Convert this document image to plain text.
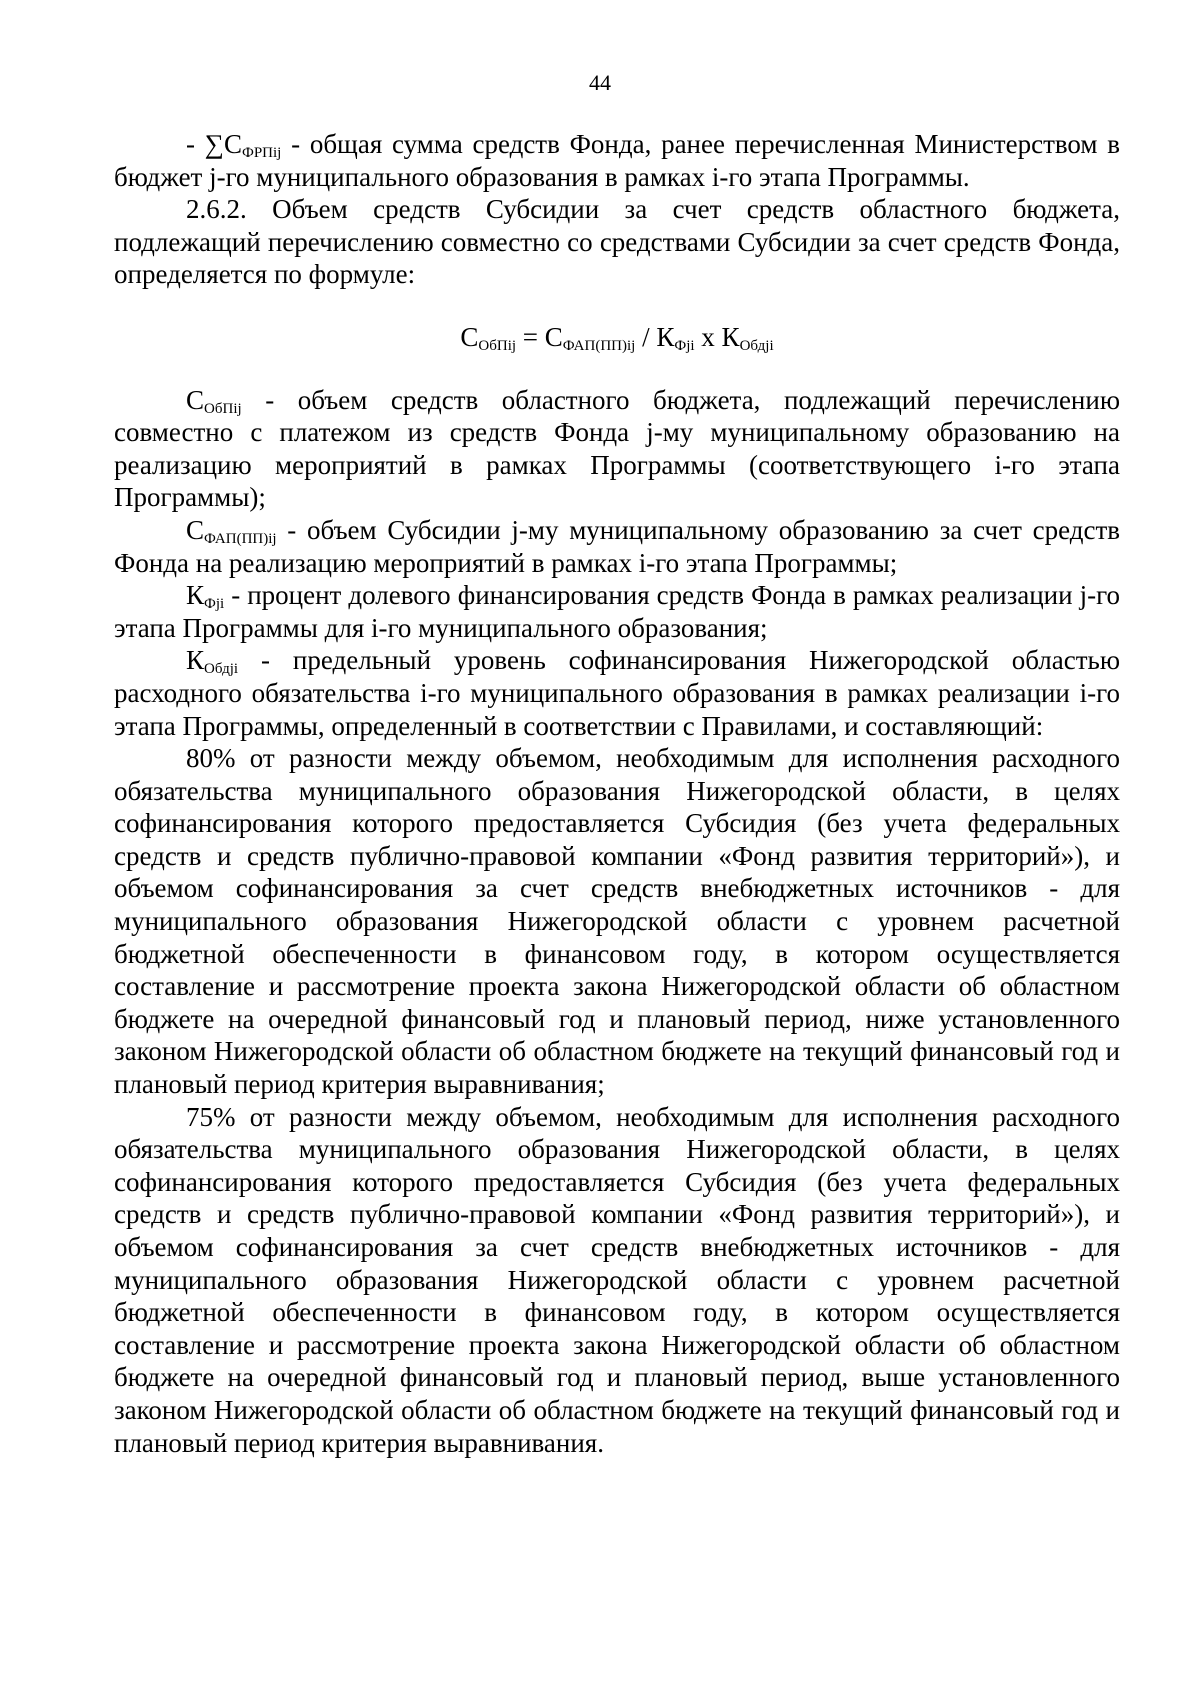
44

- $\sum С_{ФРПij}$ - общая сумма средств Фонда, ранее перечисленная Министерством в бюджет j-го муниципального образования в рамках i-го этапа Программы.

2.6.2. Объем средств Субсидии за счет средств областного бюджета, подлежащий перечислению совместно со средствами Субсидии за счет средств Фонда, определяется по формуле:

$С_{ОбПij} = С_{ФАП(ПП)ij} / К_{Фji}$ x $К_{Обдji}$

$С_{ОбПij}$ - объем средств областного бюджета, подлежащий перечислению совместно с платежом из средств Фонда j-му муниципальному образованию на реализацию мероприятий в рамках Программы (соответствующего i-го этапа Программы);

$С_{ФАП(ПП)ij}$ - объем Субсидии j-му муниципальному образованию за счет средств Фонда на реализацию мероприятий в рамках i-го этапа Программы;

$К_{Фji}$ - процент долевого финансирования средств Фонда в рамках реализации j-го этапа Программы для i-го муниципального образования;

$К_{Обдji}$ - предельный уровень софинансирования Нижегородской областью расходного обязательства i-го муниципального образования в рамках реализации i-го этапа Программы, определенный в соответствии с Правилами, и составляющий:

80% от разности между объемом, необходимым для исполнения расходного обязательства муниципального образования Нижегородской области, в целях софинансирования которого предоставляется Субсидия (без учета федеральных средств и средств публично-правовой компании «Фонд развития территорий»), и объемом софинансирования за счет средств внебюджетных источников - для муниципального образования Нижегородской области с уровнем расчетной бюджетной обеспеченности в финансовом году, в котором осуществляется составление и рассмотрение проекта закона Нижегородской области об областном бюджете на очередной финансовый год и плановый период, ниже установленного законом Нижегородской области об областном бюджете на текущий финансовый год и плановый период критерия выравнивания;

75% от разности между объемом, необходимым для исполнения расходного обязательства муниципального образования Нижегородской области, в целях софинансирования которого предоставляется Субсидия (без учета федеральных средств и средств публично-правовой компании «Фонд развития территорий»), и объемом софинансирования за счет средств внебюджетных источников - для муниципального образования Нижегородской области с уровнем расчетной бюджетной обеспеченности в финансовом году, в котором осуществляется составление и рассмотрение проекта закона Нижегородской области об областном бюджете на очередной финансовый год и плановый период, выше установленного законом Нижегородской области об областном бюджете на текущий финансовый год и плановый период критерия выравнивания.
